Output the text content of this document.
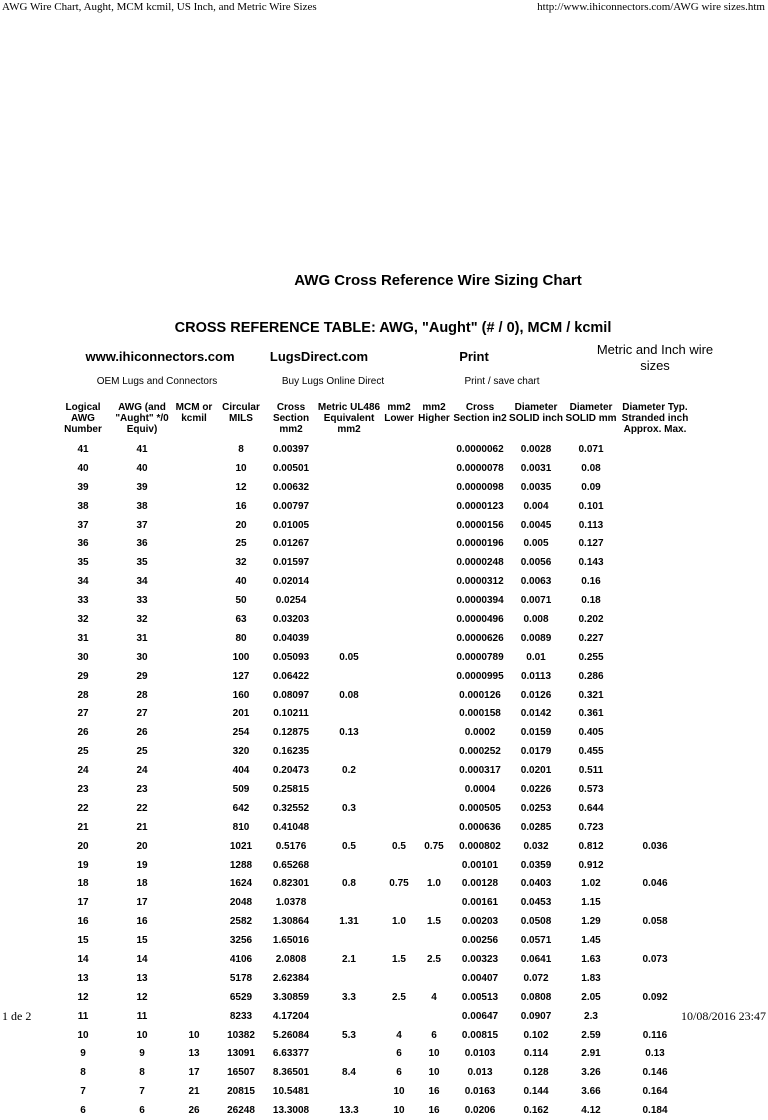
AWG Wire Chart, Aught, MCM kcmil, US Inch, and Metric Wire Sizes	http://www.ihiconnectors.com/AWG wire sizes.htm
AWG Cross Reference Wire Sizing Chart
CROSS REFERENCE TABLE: AWG, "Aught" (# / 0), MCM / kcmil
www.ihiconnectors.com	LugsDirect.com	Print	Metric and Inch wire sizes
OEM Lugs and Connectors	Buy Lugs Online Direct	Print / save chart
Logical AWG Number	AWG (and "Aught" */0 Equiv)	MCM or kcmil	Circular MILS	Cross Section mm2	Metric UL486 Equivalent mm2	mm2 Lower	mm2 Higher	Cross Section in2	Diameter SOLID inch	Diameter SOLID mm	Diameter Typ. Stranded inch Approx. Max.
41	41		8	0.00397				0.0000062	0.0028	0.071	
40	40		10	0.00501				0.0000078	0.0031	0.08	
39	39		12	0.00632				0.0000098	0.0035	0.09	
38	38		16	0.00797				0.0000123	0.004	0.101	
37	37		20	0.01005				0.0000156	0.0045	0.113	
36	36		25	0.01267				0.0000196	0.005	0.127	
35	35		32	0.01597				0.0000248	0.0056	0.143	
34	34		40	0.02014				0.0000312	0.0063	0.16	
33	33		50	0.0254				0.0000394	0.0071	0.18	
32	32		63	0.03203				0.0000496	0.008	0.202	
31	31		80	0.04039				0.0000626	0.0089	0.227	
30	30		100	0.05093	0.05			0.0000789	0.01	0.255	
29	29		127	0.06422				0.0000995	0.0113	0.286	
28	28		160	0.08097	0.08			0.000126	0.0126	0.321	
27	27		201	0.10211				0.000158	0.0142	0.361	
26	26		254	0.12875	0.13			0.0002	0.0159	0.405	
25	25		320	0.16235				0.000252	0.0179	0.455	
24	24		404	0.20473	0.2			0.000317	0.0201	0.511	
23	23		509	0.25815				0.0004	0.0226	0.573	
22	22		642	0.32552	0.3			0.000505	0.0253	0.644	
21	21		810	0.41048				0.000636	0.0285	0.723	
20	20		1021	0.5176	0.5	0.5	0.75	0.000802	0.032	0.812	0.036
19	19		1288	0.65268				0.00101	0.0359	0.912	
18	18		1624	0.82301	0.8	0.75	1.0	0.00128	0.0403	1.02	0.046
17	17		2048	1.0378				0.00161	0.0453	1.15	
16	16		2582	1.30864	1.31	1.0	1.5	0.00203	0.0508	1.29	0.058
15	15		3256	1.65016				0.00256	0.0571	1.45	
14	14		4106	2.0808	2.1	1.5	2.5	0.00323	0.0641	1.63	0.073
13	13		5178	2.62384				0.00407	0.072	1.83	
12	12		6529	3.30859	3.3	2.5	4	0.00513	0.0808	2.05	0.092
11	11		8233	4.17204				0.00647	0.0907	2.3	
10	10	10	10382	5.26084	5.3	4	6	0.00815	0.102	2.59	0.116
9	9	13	13091	6.63377		6	10	0.0103	0.114	2.91	0.13
8	8	17	16507	8.36501	8.4	6	10	0.013	0.128	3.26	0.146
7	7	21	20815	10.5481		10	16	0.0163	0.144	3.66	0.164
6	6	26	26248	13.3008	13.3	10	16	0.0206	0.162	4.12	0.184
1 de 2	10/08/2016 23:47
